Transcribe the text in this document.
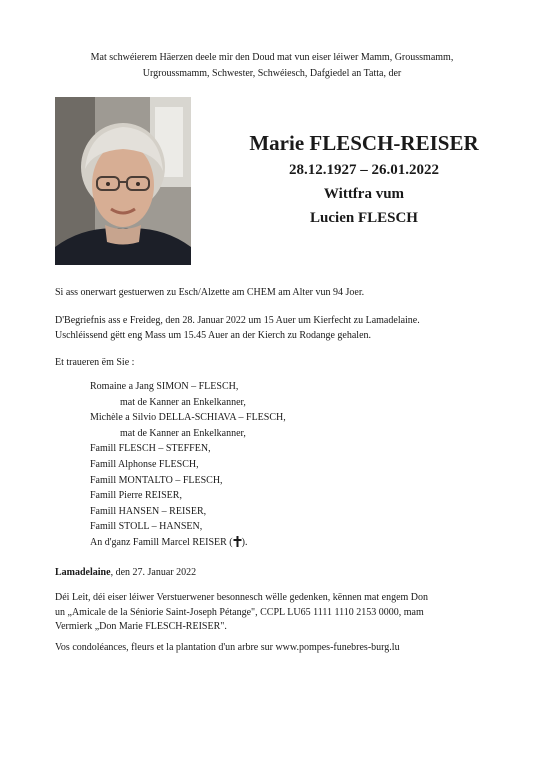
Mat schwéierem Häerzen deele mir den Doud mat vun eiser léiwer Mamm, Groussmamm,
Urgroussmamm, Schwester, Schwéiesch, Dafgiedel an Tatta, der
Marie FLESCH-REISER
28.12.1927 – 26.01.2022
Wittfra vum
Lucien FLESCH
Si ass onerwart gestuerwen zu Esch/Alzette am CHEM am Alter vun 94 Joer.
D'Begriefnis ass e Freideg, den 28. Januar 2022 um 15 Auer um Kierfecht zu Lamadelaine.
Uschléissend gëtt eng Mass um 15.45 Auer an der Kierch zu Rodange gehalen.
Et traueren ëm Sie :
Romaine a Jang SIMON – FLESCH,
mat de Kanner an Enkelkanner,
Michèle a Silvio DELLA-SCHIAVA – FLESCH,
mat de Kanner an Enkelkanner,
Famill FLESCH – STEFFEN,
Famill Alphonse FLESCH,
Famill MONTALTO – FLESCH,
Famill Pierre REISER,
Famill HANSEN – REISER,
Famill STOLL – HANSEN,
An d'ganz Famill Marcel REISER ( ).
Lamadelaine, den 27. Januar 2022
Déi Leit, déi eiser léiwer Verstuerwener besonnesch wëlle gedenken, kënnen mat engem Don
un „Amicale de la Séniorie Saint-Joseph Pétange", CCPL LU65 1111 1110 2153 0000, mam
Vermierk „Don Marie FLESCH-REISER".
Vos condoléances, fleurs et la plantation d'un arbre sur www.pompes-funebres-burg.lu
